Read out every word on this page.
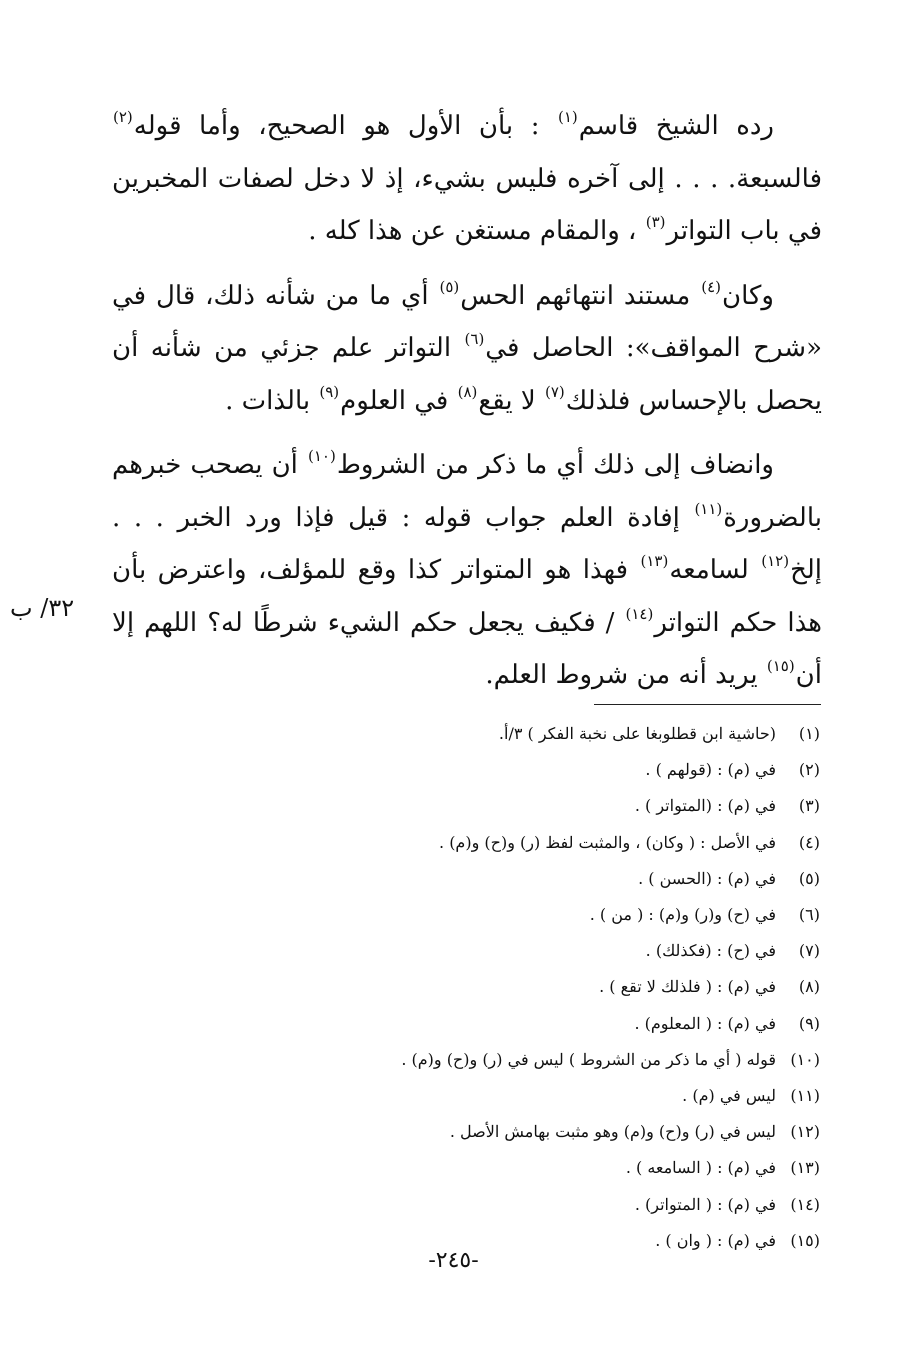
رده الشيخ قاسم$^{(١)}$ : بأن الأول هو الصحيح، وأما قوله$^{(٢)}$ فالسبعة. . . . إلى آخره فليس بشيء، إذ لا دخل لصفات المخبرين في باب التواتر$^{(٣)}$ ، والمقام مستغن عن هذا كله .

وكان$^{(٤)}$ مستند انتهائهم الحس$^{(٥)}$ أي ما من شأنه ذلك، قال في «شرح المواقف»: الحاصل في$^{(٦)}$ التواتر علم جزئي من شأنه أن يحصل بالإحساس فلذلك$^{(٧)}$ لا يقع$^{(٨)}$ في العلوم$^{(٩)}$ بالذات .

وانضاف إلى ذلك أي ما ذكر من الشروط$^{(١٠)}$ أن يصحب خبرهم بالضرورة$^{(١١)}$ إفادة العلم جواب قوله : قيل فإذا ورد الخبر . . . إلخ$^{(١٢)}$ لسامعه$^{(١٣)}$ فهذا هو المتواتر كذا وقع للمؤلف، واعترض بأن هذا حكم التواتر$^{(١٤)}$ / فكيف يجعل حكم الشيء شرطًا له؟ اللهم إلا أن$^{(١٥)}$ يريد أنه من شروط العلم.

٣٢/ ب
(١)(حاشية ابن قطلوبغا على نخبة الفكر ) ٣/أ.
(٢)في (م) : (قولهم ) .
(٣)في (م) : (المتواتر ) .
(٤)في الأصل : ( وكان) ، والمثبت لفظ (ر) و(ح) و(م) .
(٥)في (م) : (الحسن ) .
(٦)في (ح) و(ر) و(م) : ( من ) .
(٧)في (ح) : (فكذلك) .
(٨)في (م) : ( فلذلك لا تقع ) .
(٩)في (م) : ( المعلوم) .
(١٠)قوله ( أي ما ذكر من الشروط ) ليس في (ر) و(ح) و(م) .
(١١)ليس في (م) .
(١٢)ليس في (ر) و(ح) و(م) وهو مثبت بهامش الأصل .
(١٣)في (م) : ( السامعه ) .
(١٤)في (م) : ( المتواتر) .
(١٥)في (م) : ( وان ) .
-٢٤٥-
